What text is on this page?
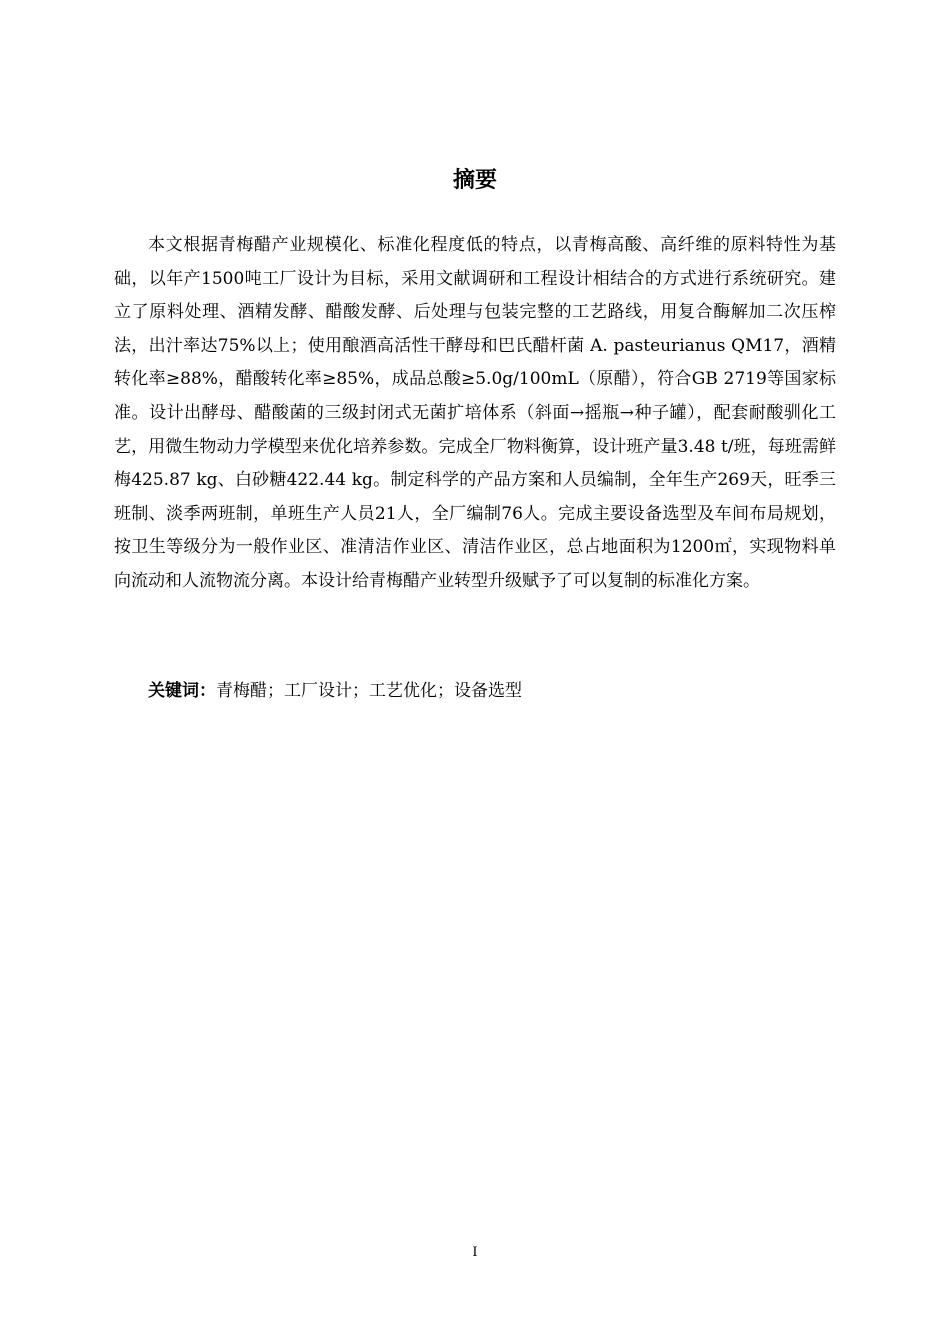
摘要

本文根据青梅醋产业规模化、标准化程度低的特点，以青梅高酸、高纤维的原料特性为基础，以年产1500吨工厂设计为目标，采用文献调研和工程设计相结合的方式进行系统研究。建立了原料处理、酒精发酵、醋酸发酵、后处理与包装完整的工艺路线，用复合酶解加二次压榨法，出汁率达75%以上；使用酿酒高活性干酵母和巴氏醋杆菌 A. pasteurianus QM17，酒精转化率≥88%，醋酸转化率≥85%，成品总酸≥5.0g/100mL（原醋），符合GB 2719等国家标准。设计出酵母、醋酸菌的三级封闭式无菌扩培体系（斜面→摇瓶→种子罐），配套耐酸驯化工艺，用微生物动力学模型来优化培养参数。完成全厂物料衡算，设计班产量3.48 t/班，每班需鲜梅425.87 kg、白砂糖422.44 kg。制定科学的产品方案和人员编制，全年生产269天，旺季三班制、淡季两班制，单班生产人员21人，全厂编制76人。完成主要设备选型及车间布局规划，按卫生等级分为一般作业区、准清洁作业区、清洁作业区，总占地面积为1200㎡，实现物料单向流动和人流物流分离。本设计给青梅醋产业转型升级赋予了可以复制的标准化方案。

关键词：青梅醋；工厂设计；工艺优化；设备选型

I
